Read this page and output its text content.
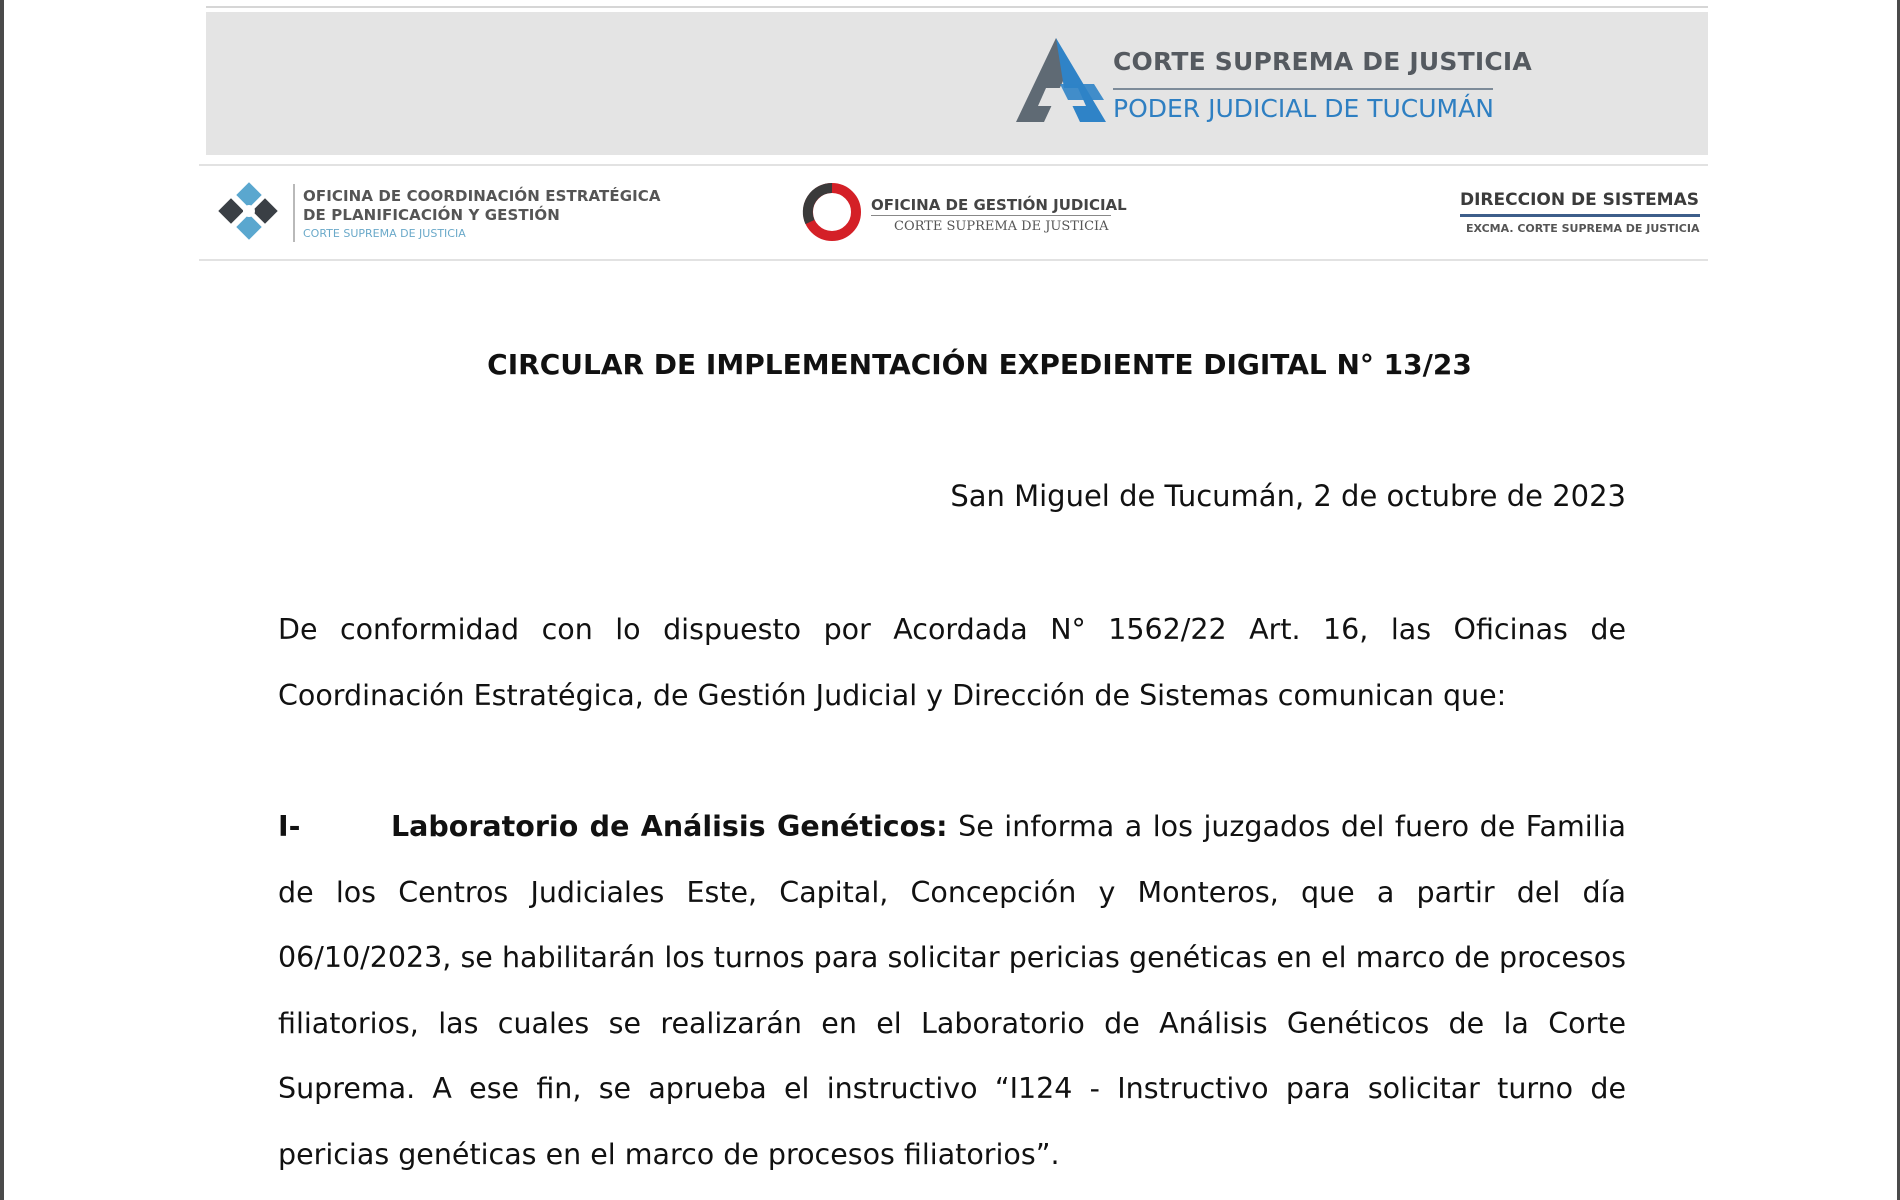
CORTE SUPREMA DE JUSTICIA
PODER JUDICIAL DE TUCUMÁN
OFICINA DE COORDINACIÓN ESTRATÉGICA
DE PLANIFICACIÓN Y GESTIÓN
CORTE SUPREMA DE JUSTICIA
OFICINA DE GESTIÓN JUDICIAL
CORTE SUPREMA DE JUSTICIA
DIRECCION DE SISTEMAS
EXCMA. CORTE SUPREMA DE JUSTICIA
CIRCULAR DE IMPLEMENTACIÓN EXPEDIENTE DIGITAL N° 13/23
San Miguel de Tucumán, 2 de octubre de 2023
De conformidad con lo dispuesto por Acordada N° 1562/22 Art. 16, las Oficinas de Coordinación Estratégica, de Gestión Judicial y Dirección de Sistemas comunican que:
I-	Laboratorio de Análisis Genéticos: Se informa a los juzgados del fuero de Familia de los Centros Judiciales Este, Capital, Concepción y Monteros, que a partir del día 06/10/2023, se habilitarán los turnos para solicitar pericias genéticas en el marco de procesos filiatorios, las cuales se realizarán en el Laboratorio de Análisis Genéticos de la Corte Suprema. A ese fin, se aprueba el instructivo “I124 - Instructivo para solicitar turno de pericias genéticas en el marco de procesos filiatorios”.
